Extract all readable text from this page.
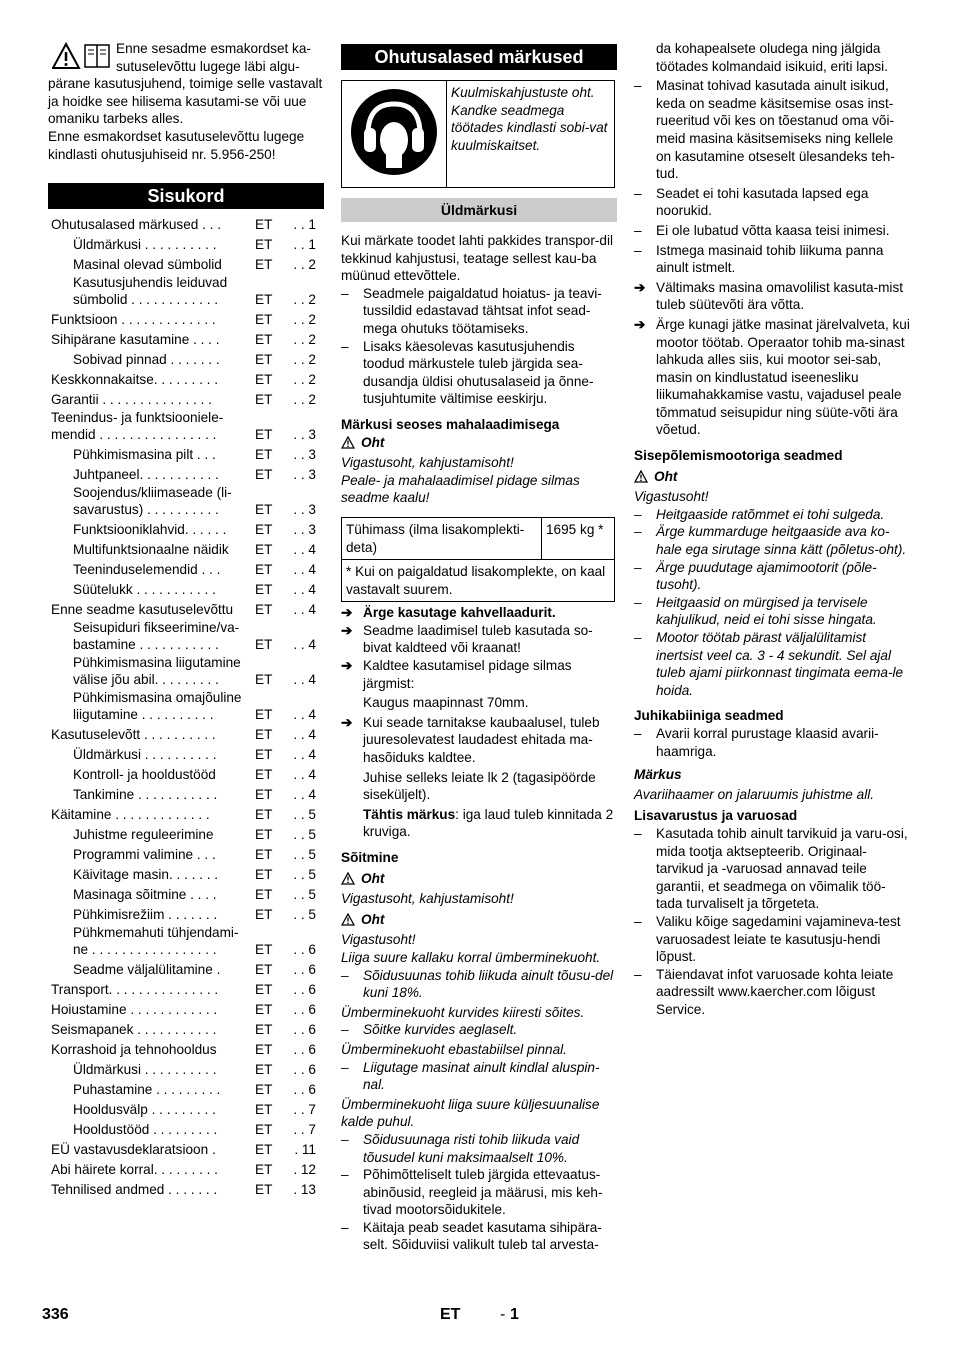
Enne sesadme esmakordset ka-

sutuselevõttu lugege läbi algu-

pärane kasutusjuhend, toimige selle vastavalt ja hoidke see hilisema kasutami-se või uue omaniku tarbeks alles.

Enne esmakordset kasutuselevõttu lugege kindlasti ohutusjuhiseid nr. 5.956-250!

Sisukord
Ohutusalased märkused . . .	ET . . 1
Üldmärkusi . . . . . . . . . .	ET . . 1
Masinal olevad sümbolid	ET . . 2
Kasutusjuhendis leiduvad sümbolid . . . . . . . . . . . .	ET . . 2
Funktsioon . . . . . . . . . . . . .	ET . . 2
Sihipärane kasutamine . . . .	ET . . 2
Sobivad pinnad . . . . . . .	ET . . 2
Keskkonnakaitse. . . . . . . . .	ET . . 2
Garantii . . . . . . . . . . . . . . .	ET . . 2
Teenindus- ja funktsiooniele-mendid . . . . . . . . . . . . . . . .	ET . . 3
Pühkimismasina pilt . . .	ET . . 3
Juhtpaneel. . . . . . . . . . .	ET . . 3
Soojendus/kliimaseade (li-savarustus) . . . . . . . . . .	ET . . 3
Funktsiooniklahvid. . . . . .	ET . . 3
Multifunktsionaalne näidik	ET . . 4
Teeninduselemendid . . .	ET . . 4
Süütelukk . . . . . . . . . . .	ET . . 4
Enne seadme kasutuselevõttu	ET . . 4
Seisupiduri fikseerimine/va-bastamine . . . . . . . . . . .	ET . . 4
Pühkimismasina liigutamine välise jõu abil. . . . . . . . .	ET . . 4
Pühkimismasina omajõuline liigutamine . . . . . . . . . .	ET . . 4
Kasutuselevõtt . . . . . . . . . .	ET . . 4
Üldmärkusi . . . . . . . . . .	ET . . 4
Kontroll- ja hooldustööd	ET . . 4
Tankimine . . . . . . . . . . .	ET . . 4
Käitamine . . . . . . . . . . . . .	ET . . 5
Juhistme reguleerimine	ET . . 5
Programmi valimine . . .	ET . . 5
Käivitage masin. . . . . . .	ET . . 5
Masinaga sõitmine . . . .	ET . . 5
Pühkimisrežiim . . . . . . .	ET . . 5
Pühkmemahuti tühjendami-ne . . . . . . . . . . . . . . . . .	ET . . 6
Seadme väljalülitamine .	ET . . 6
Transport. . . . . . . . . . . . . . .	ET . . 6
Hoiustamine . . . . . . . . . . . .	ET . . 6
Seismapanek . . . . . . . . . . .	ET . . 6
Korrashoid ja tehnohooldus	ET . . 6
Üldmärkusi . . . . . . . . . .	ET . . 6
Puhastamine . . . . . . . . .	ET . . 6
Hooldusvälp . . . . . . . . .	ET . . 7
Hooldustööd . . . . . . . . .	ET . . 7
EÜ vastavusdeklaratsioon .	ET . 11
Abi häirete korral. . . . . . . . .	ET . 12
Tehnilised andmed . . . . . . .	ET . 13
Ohutusalased märkused
	Kuulmiskahjustuste oht. Kandke seadmega töötades kindlasti sobi-vat kuulmiskaitset.
Üldmärkusi

Kui märkate toodet lahti pakkides transpor-dil tekkinud kahjustusi, teatage sellest kau-ba müünud ettevõttele.

– Seadmele paigaldatud hoiatus- ja teavi-tussildid edastavad tähtsat infot sead-mega ohutuks töötamiseks.

– Lisaks käesolevas kasutusjuhendis toodud märkustele tuleb järgida sea-dusandja üldisi ohutusalaseid ja õnne-tusjuhtumite vältimise eeskirju.

Märkusi seoses mahalaadimisega

Oht

Vigastusoht, kahjustamisoht!

Peale- ja mahalaadimisel pidage silmas seadme kaalu!

Tühimass (ilma lisakomplekti-deta)	1695 kg *
* Kui on paigaldatud lisakomplekte, on kaal vastavalt suurem.
➔ Ärge kasutage kahvellaadurit.

➔ Seadme laadimisel tuleb kasutada so-bivat kaldteed või kraanat!

➔ Kaldtee kasutamisel pidage silmas järgmist:

Kaugus maapinnast 70mm.

➔ Kui seade tarnitakse kaubaalusel, tuleb juuresolevatest laudadest ehitada ma-hasõiduks kaldtee.

Juhise selleks leiate lk 2 (tagasipöörde siseküljelt).

Tähtis märkus: iga laud tuleb kinnitada 2 kruviga.

Sõitmine

Oht

Vigastusoht, kahjustamisoht!

Oht

Vigastusoht!

Liiga suure kallaku korral ümberminekuoht.

– Sõidusuunas tohib liikuda ainult tõusu-del kuni 18%.

Ümberminekuoht kurvides kiiresti sõites.

– Sõitke kurvides aeglaselt.

Ümberminekuoht ebastabiilsel pinnal.

– Liigutage masinat ainult kindlal aluspin-nal.

Ümberminekuoht liiga suure küljesuunalise kalde puhul.

– Sõidusuunaga risti tohib liikuda vaid tõusudel kuni maksimaalselt 10%.

– Põhimõtteliselt tuleb järgida ettevaatus-abinõusid, reegleid ja määrusi, mis keh-tivad mootorsõidukitele.

– Käitaja peab seadet kasutama sihipära-selt. Sõiduviisi valikult tuleb tal arvesta-

da kohapealsete oludega ning jälgida töötades kolmandaid isikuid, eriti lapsi.

– Masinat tohivad kasutada ainult isikud, keda on seadme käsitsemise osas inst-rueeritud või kes on tõestanud oma või-meid masina käsitsemiseks ning kellele on kasutamine otseselt ülesandeks teh-tud.

– Seadet ei tohi kasutada lapsed ega noorukid.

– Ei ole lubatud võtta kaasa teisi inimesi.

– Istmega masinaid tohib liikuma panna ainult istmelt.

➔ Vältimaks masina omavolilist kasuta-mist tuleb süütevõti ära võtta.

➔ Ärge kunagi jätke masinat järelvalveta, kui mootor töötab. Operaator tohib ma-sinast lahkuda alles siis, kui mootor sei-sab, masin on kindlustatud iseenesliku liikumahakkamise vastu, vajadusel peale tõmmatud seisupidur ning süüte-võti ära võetud.

Sisepõlemismootoriga seadmed

Oht

Vigastusoht!

– Heitgaaside ratõmmet ei tohi sulgeda.

– Ärge kummarduge heitgaaside ava ko-hale ega sirutage sinna kätt (põletus-oht).

– Ärge puudutage ajamimootorit (põle-tusoht).

– Heitgaasid on mürgised ja tervisele kahjulikud, neid ei tohi sisse hingata.

– Mootor töötab pärast väljalülitamist inertsist veel ca. 3 - 4 sekundit. Sel ajal tuleb ajami piirkonnast tingimata eema-le hoida.

Juhikabiiniga seadmed

– Avarii korral purustage klaasid avarii-haamriga.

Märkus

Avariihaamer on jalaruumis juhistme all.

Lisavarustus ja varuosad

– Kasutada tohib ainult tarvikuid ja varu-osi, mida tootja aktsepteerib. Originaal-tarvikud ja -varuosad annavad teile garantii, et seadmega on võimalik töö-tada turvaliselt ja tõrgeteta.

– Valiku kõige sagedamini vajamineva-test varuosadest leiate te kasutusju-hendi lõpust.

– Täiendavat infot varuosade kohta leiate aadressilt www.kaercher.com lõigust Service.

336	ET - 1
